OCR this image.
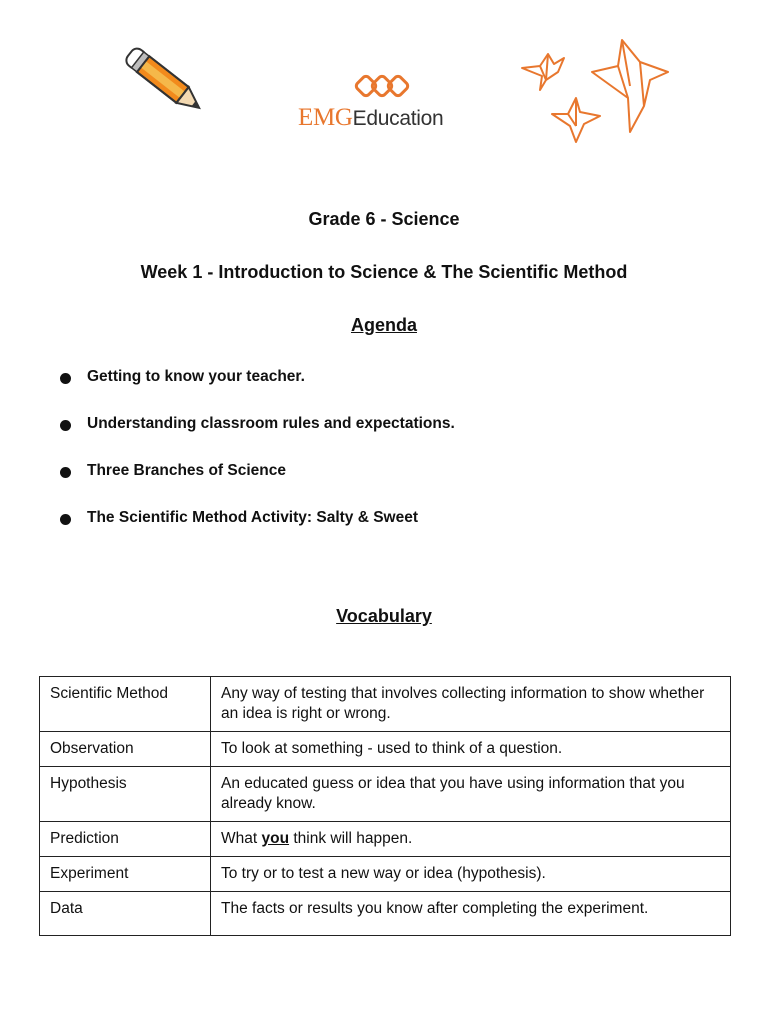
EMGEducation
Grade 6 - Science
Week 1 - Introduction to Science & The Scientific Method
Agenda
Getting to know your teacher.
Understanding classroom rules and expectations.
Three Branches of Science
The Scientific Method Activity: Salty & Sweet
Vocabulary
Scientific Method	Any way of testing that involves collecting information to show whether an idea is right or wrong.
Observation	To look at something - used to think of a question.
Hypothesis	An educated guess or idea that you have using information that you already know.
Prediction	What you think will happen.
Experiment	To try or to test a new way or idea (hypothesis).
Data	The facts or results you know after completing the experiment.
